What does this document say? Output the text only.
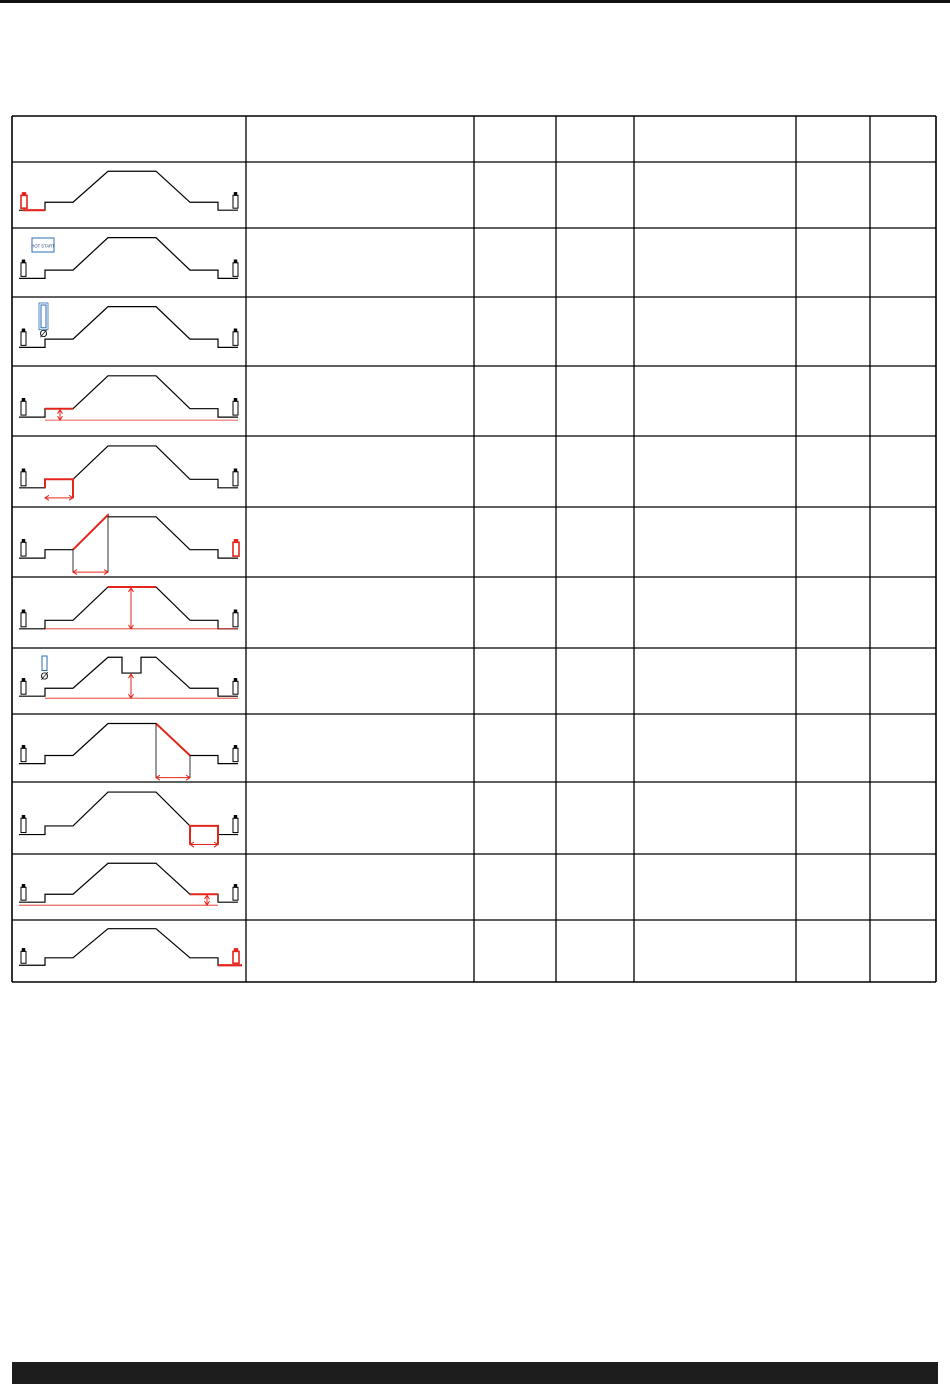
HOT START
Ø
Ø
